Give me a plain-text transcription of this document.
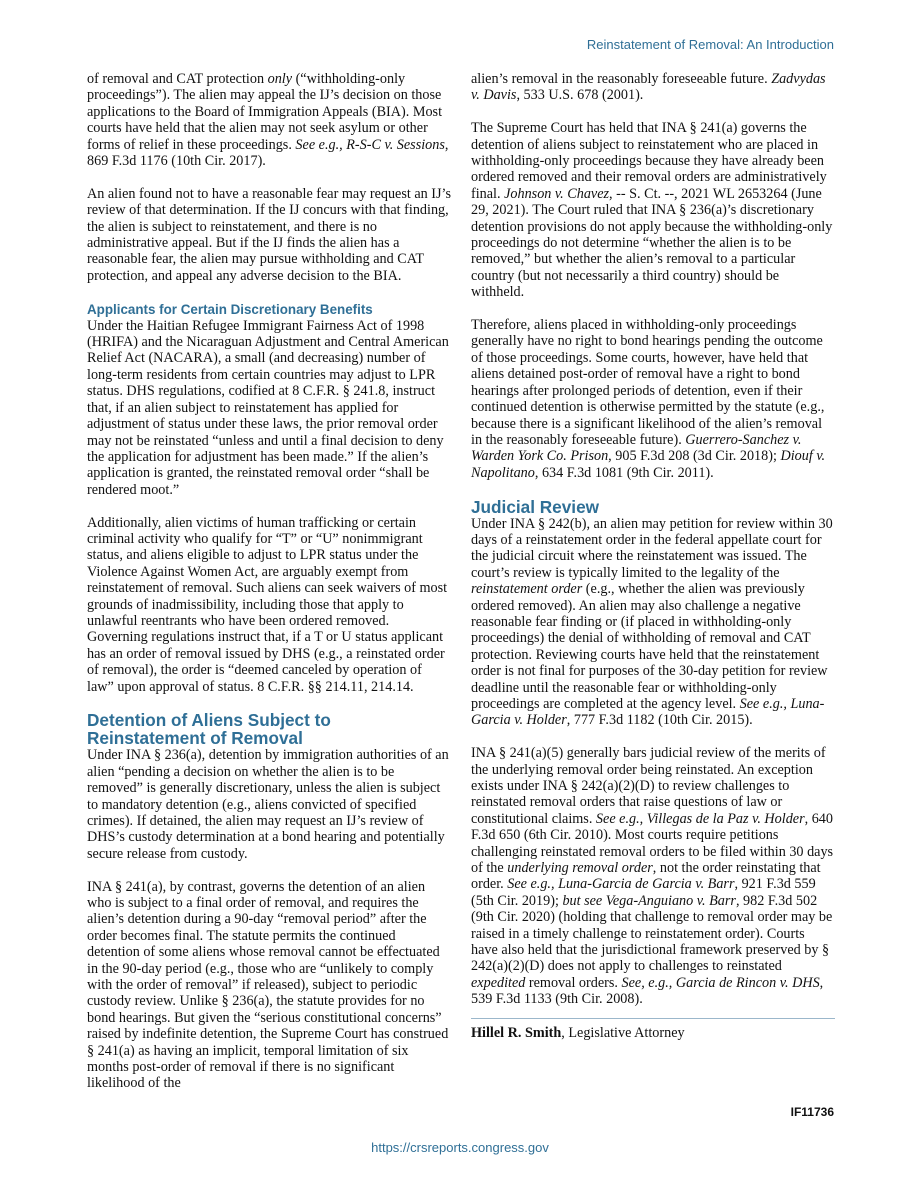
Reinstatement of Removal: An Introduction

of removal and CAT protection only (“withholding-only proceedings”). The alien may appeal the IJ’s decision on those applications to the Board of Immigration Appeals (BIA). Most courts have held that the alien may not seek asylum or other forms of relief in these proceedings. See e.g., R-S-C v. Sessions, 869 F.3d 1176 (10th Cir. 2017).

An alien found not to have a reasonable fear may request an IJ’s review of that determination. If the IJ concurs with that finding, the alien is subject to reinstatement, and there is no administrative appeal. But if the IJ finds the alien has a reasonable fear, the alien may pursue withholding and CAT protection, and appeal any adverse decision to the BIA.

Applicants for Certain Discretionary Benefits

Under the Haitian Refugee Immigrant Fairness Act of 1998 (HRIFA) and the Nicaraguan Adjustment and Central American Relief Act (NACARA), a small (and decreasing) number of long-term residents from certain countries may adjust to LPR status. DHS regulations, codified at 8 C.F.R. § 241.8, instruct that, if an alien subject to reinstatement has applied for adjustment of status under these laws, the prior removal order may not be reinstated “unless and until a final decision to deny the application for adjustment has been made.” If the alien’s application is granted, the reinstated removal order “shall be rendered moot.”

Additionally, alien victims of human trafficking or certain criminal activity who qualify for “T” or “U” nonimmigrant status, and aliens eligible to adjust to LPR status under the Violence Against Women Act, are arguably exempt from reinstatement of removal. Such aliens can seek waivers of most grounds of inadmissibility, including those that apply to unlawful reentrants who have been ordered removed. Governing regulations instruct that, if a T or U status applicant has an order of removal issued by DHS (e.g., a reinstated order of removal), the order is “deemed canceled by operation of law” upon approval of status. 8 C.F.R. §§ 214.11, 214.14.

Detention of Aliens Subject to
Reinstatement of Removal

Under INA § 236(a), detention by immigration authorities of an alien “pending a decision on whether the alien is to be removed” is generally discretionary, unless the alien is subject to mandatory detention (e.g., aliens convicted of specified crimes). If detained, the alien may request an IJ’s review of DHS’s custody determination at a bond hearing and potentially secure release from custody.

INA § 241(a), by contrast, governs the detention of an alien who is subject to a final order of removal, and requires the alien’s detention during a 90-day “removal period” after the order becomes final. The statute permits the continued detention of some aliens whose removal cannot be effectuated in the 90-day period (e.g., those who are “unlikely to comply with the order of removal” if released), subject to periodic custody review. Unlike § 236(a), the statute provides for no bond hearings. But given the “serious constitutional concerns” raised by indefinite detention, the Supreme Court has construed § 241(a) as having an implicit, temporal limitation of six months post-order of removal if there is no significant likelihood of the

alien’s removal in the reasonably foreseeable future. Zadvydas v. Davis, 533 U.S. 678 (2001).

The Supreme Court has held that INA § 241(a) governs the detention of aliens subject to reinstatement who are placed in withholding-only proceedings because they have already been ordered removed and their removal orders are administratively final. Johnson v. Chavez, -- S. Ct. --, 2021 WL 2653264 (June 29, 2021). The Court ruled that INA § 236(a)’s discretionary detention provisions do not apply because the withholding-only proceedings do not determine “whether the alien is to be removed,” but whether the alien’s removal to a particular country (but not necessarily a third country) should be withheld.

Therefore, aliens placed in withholding-only proceedings generally have no right to bond hearings pending the outcome of those proceedings. Some courts, however, have held that aliens detained post-order of removal have a right to bond hearings after prolonged periods of detention, even if their continued detention is otherwise permitted by the statute (e.g., because there is a significant likelihood of the alien’s removal in the reasonably foreseeable future). Guerrero-Sanchez v. Warden York Co. Prison, 905 F.3d 208 (3d Cir. 2018); Diouf v. Napolitano, 634 F.3d 1081 (9th Cir. 2011).

Judicial Review

Under INA § 242(b), an alien may petition for review within 30 days of a reinstatement order in the federal appellate court for the judicial circuit where the reinstatement was issued. The court’s review is typically limited to the legality of the reinstatement order (e.g., whether the alien was previously ordered removed). An alien may also challenge a negative reasonable fear finding or (if placed in withholding-only proceedings) the denial of withholding of removal and CAT protection. Reviewing courts have held that the reinstatement order is not final for purposes of the 30-day petition for review deadline until the reasonable fear or withholding-only proceedings are completed at the agency level. See e.g., Luna-Garcia v. Holder, 777 F.3d 1182 (10th Cir. 2015).

INA § 241(a)(5) generally bars judicial review of the merits of the underlying removal order being reinstated. An exception exists under INA § 242(a)(2)(D) to review challenges to reinstated removal orders that raise questions of law or constitutional claims. See e.g., Villegas de la Paz v. Holder, 640 F.3d 650 (6th Cir. 2010). Most courts require petitions challenging reinstated removal orders to be filed within 30 days of the underlying removal order, not the order reinstating that order. See e.g., Luna-Garcia de Garcia v. Barr, 921 F.3d 559 (5th Cir. 2019); but see Vega-Anguiano v. Barr, 982 F.3d 502 (9th Cir. 2020) (holding that challenge to removal order may be raised in a timely challenge to reinstatement order). Courts have also held that the jurisdictional framework preserved by § 242(a)(2)(D) does not apply to challenges to reinstated expedited removal orders. See, e.g., Garcia de Rincon v. DHS, 539 F.3d 1133 (9th Cir. 2008).

Hillel R. Smith, Legislative Attorney

IF11736
https://crsreports.congress.gov
